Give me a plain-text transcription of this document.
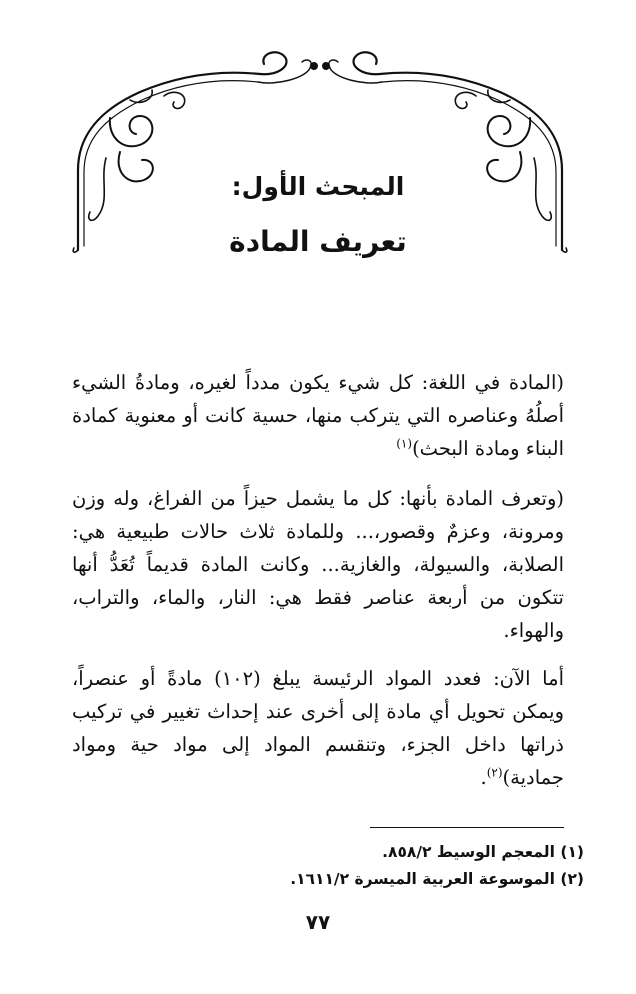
المبحث الأول:
تعريف المادة

(المادة في اللغة: كل شيء يكون مدداً لغيره، ومادةُ الشيء أصلُهُ وعناصره التي يتركب منها، حسية كانت أو معنوية كمادة البناء ومادة البحث)$^{(١)}$

(وتعرف المادة بأنها: كل ما يشمل حيزاً من الفراغ، وله وزن ومرونة، وعزمٌ وقصور،... وللمادة ثلاث حالات طبيعية هي: الصلابة، والسيولة، والغازية... وكانت المادة قديماً تُعَدُّ أنها تتكون من أربعة عناصر فقط هي: النار، والماء، والتراب، والهواء.

أما الآن: فعدد المواد الرئيسة يبلغ (١٠٢) مادةً أو عنصراً، ويمكن تحويل أي مادة إلى أخرى عند إحداث تغيير في تركيب ذراتها داخل الجزء، وتنقسم المواد إلى مواد حية ومواد جمادية)$^{(٢)}$.

(١) المعجم الوسيط ٨٥٨/٢.
(٢) الموسوعة العربية الميسرة ١٦١١/٢.
٧٧
